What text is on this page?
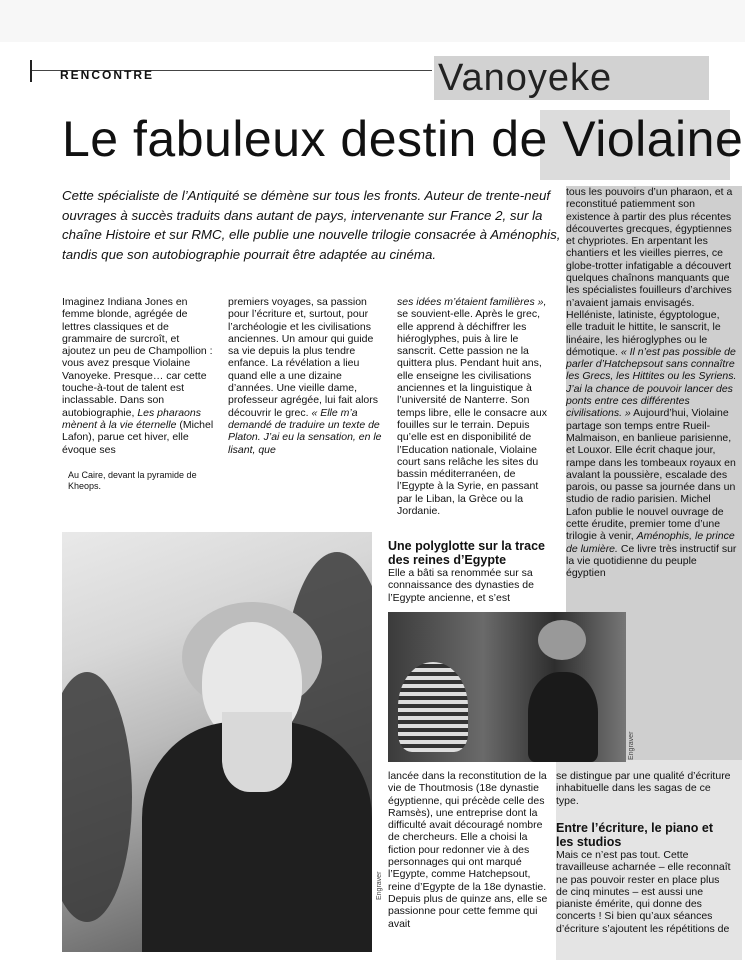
RENCONTRE	Vanoyeke
Le fabuleux destin de Violaine
Cette spécialiste de l’Antiquité se démène sur tous les fronts. Auteur de trente-neuf ouvrages à succès traduits dans autant de pays, intervenante sur France 2, sur la chaîne Histoire et sur RMC, elle publie une nouvelle trilogie consacrée à Aménophis, tandis que son autobiographie pourrait être adaptée au cinéma.

Imaginez Indiana Jones en femme blonde, agrégée de lettres classiques et de grammaire de surcroît, et ajoutez un peu de Champollion : vous avez presque Violaine Vanoyeke. Presque… car cette touche-à-tout de talent est inclassable. Dans son autobiographie, Les pharaons mènent à la vie éternelle (Michel Lafon), parue cet hiver, elle évoque ses

Au Caire, devant la pyramide de Kheops.

premiers voyages, sa passion pour l’écriture et, surtout, pour l’archéologie et les civilisations anciennes. Un amour qui guide sa vie depuis la plus tendre enfance. La révélation a lieu quand elle a une dizaine d’années. Une vieille dame, professeur agrégée, lui fait alors découvrir le grec. « Elle m’a demandé de traduire un texte de Platon. J’ai eu la sensation, en le lisant, que

ses idées m’étaient familières », se souvient-elle. Après le grec, elle apprend à déchiffrer les hiéroglyphes, puis à lire le sanscrit. Cette passion ne la quittera plus. Pendant huit ans, elle enseigne les civilisations anciennes et la linguistique à l’université de Nanterre. Son temps libre, elle le consacre aux fouilles sur le terrain. Depuis qu’elle est en disponibilité de l’Education nationale, Violaine court sans relâche les sites du bassin méditerranéen, de l’Egypte à la Syrie, en passant par le Liban, la Grèce ou la Jordanie.

Une polyglotte sur la trace des reines d’Egypte

Elle a bâti sa renommée sur sa connaissance des dynasties de l’Egypte ancienne, et s’est

Engraver

lancée dans la reconstitution de la vie de Thoutmosis (18e dynastie égyptienne, qui précède celle des Ramsès), une entreprise dont la difficulté avait découragé nombre de chercheurs. Elle a choisi la fiction pour redonner vie à des personnages qui ont marqué l’Egypte, comme Hatchepsout, reine d’Egypte de la 18e dynastie. Depuis plus de quinze ans, elle se passionne pour cette femme qui avait

tous les pouvoirs d’un pharaon, et a reconstitué patiemment son existence à partir des plus récentes découvertes grecques, égyptiennes et chypriotes. En arpentant les chantiers et les vieilles pierres, ce globe-trotter infatigable a découvert quelques chaînons manquants que les spécialistes fouilleurs d’archives n’avaient jamais envisagés. Helléniste, latiniste, égyptologue, elle traduit le hittite, le sanscrit, le linéaire, les hiéroglyphes ou le démotique. « Il n’est pas possible de parler d’Hatchepsout sans connaître les Grecs, les Hittites ou les Syriens. J’ai la chance de pouvoir lancer des ponts entre ces différentes civilisations. » Aujourd’hui, Violaine partage son temps entre Rueil-Malmaison, en banlieue parisienne, et Louxor. Elle écrit chaque jour, rampe dans les tombeaux royaux en avalant la poussière, escalade des parois, ou passe sa journée dans un studio de radio parisien. Michel Lafon publie le nouvel ouvrage de cette érudite, premier tome d’une trilogie à venir, Aménophis, le prince de lumière. Ce livre très instructif sur la vie quotidienne du peuple égyptien

se distingue par une qualité d’écriture inhabituelle dans les sagas de ce type.

Entre l’écriture, le piano et les studios

Mais ce n’est pas tout. Cette travailleuse acharnée – elle reconnaît ne pas pouvoir rester en place plus de cinq minutes – est aussi une pianiste émérite, qui donne des concerts ! Si bien qu’aux séances d’écriture s’ajoutent les répétitions de

Engraver
